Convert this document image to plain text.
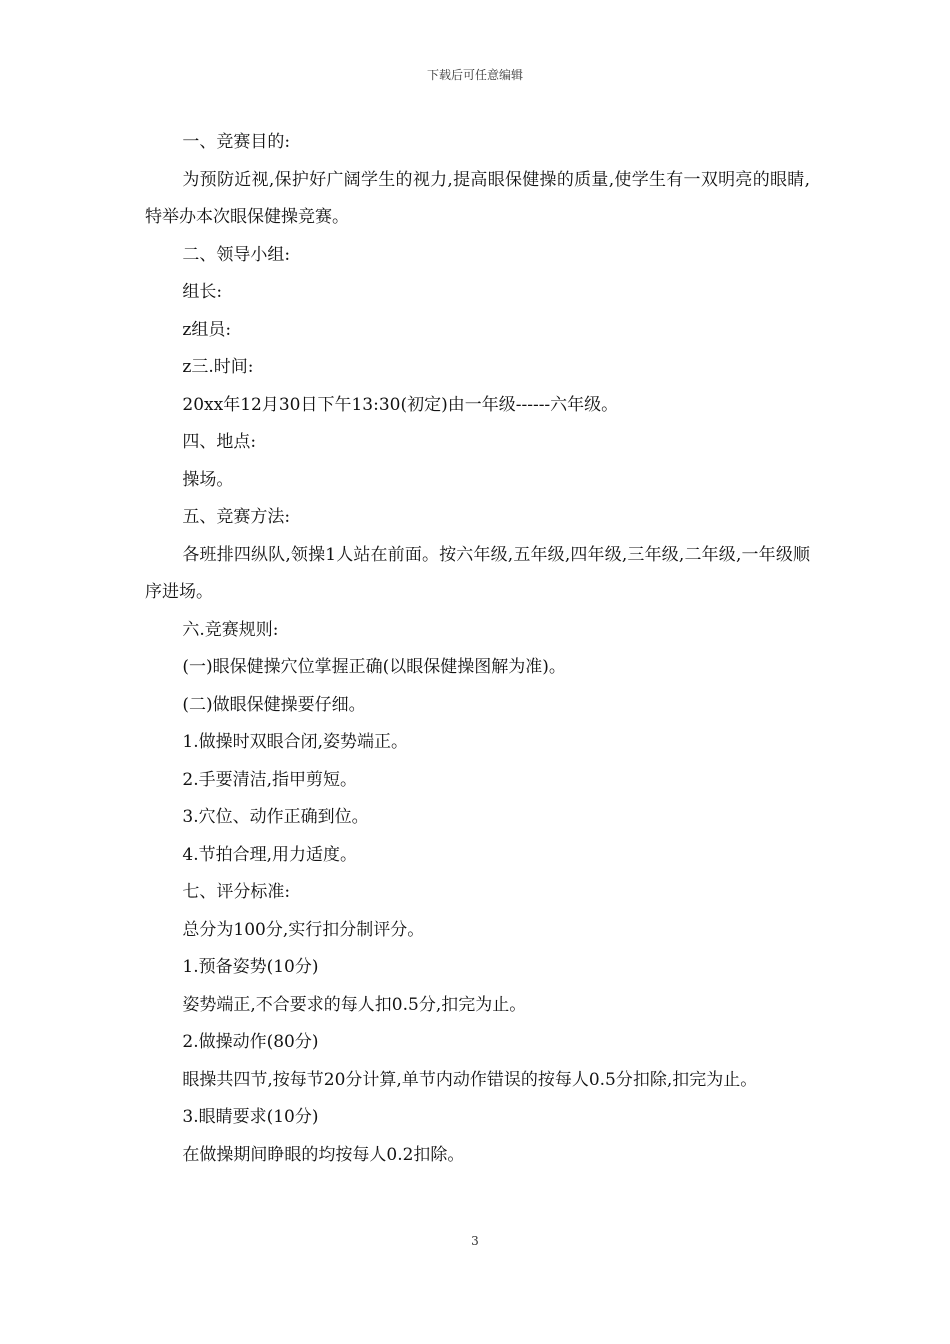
下载后可任意编辑

一、竞赛目的:

为预防近视,保护好广阔学生的视力,提高眼保健操的质量,使学生有一双明亮的眼睛,特举办本次眼保健操竞赛。

二、领导小组:

组长:

z组员:

z三.时间:

20xx年12月30日下午13:30(初定)由一年级------六年级。

四、地点:

操场。

五、竞赛方法:

各班排四纵队,领操1人站在前面。按六年级,五年级,四年级,三年级,二年级,一年级顺序进场。

六.竞赛规则:

(一)眼保健操穴位掌握正确(以眼保健操图解为准)。

(二)做眼保健操要仔细。

1.做操时双眼合闭,姿势端正。

2.手要清洁,指甲剪短。

3.穴位、动作正确到位。

4.节拍合理,用力适度。

七、评分标准:

总分为100分,实行扣分制评分。

1.预备姿势(10分)

姿势端正,不合要求的每人扣0.5分,扣完为止。

2.做操动作(80分)

眼操共四节,按每节20分计算,单节内动作错误的按每人0.5分扣除,扣完为止。

3.眼睛要求(10分)

在做操期间睁眼的均按每人0.2扣除。

3
